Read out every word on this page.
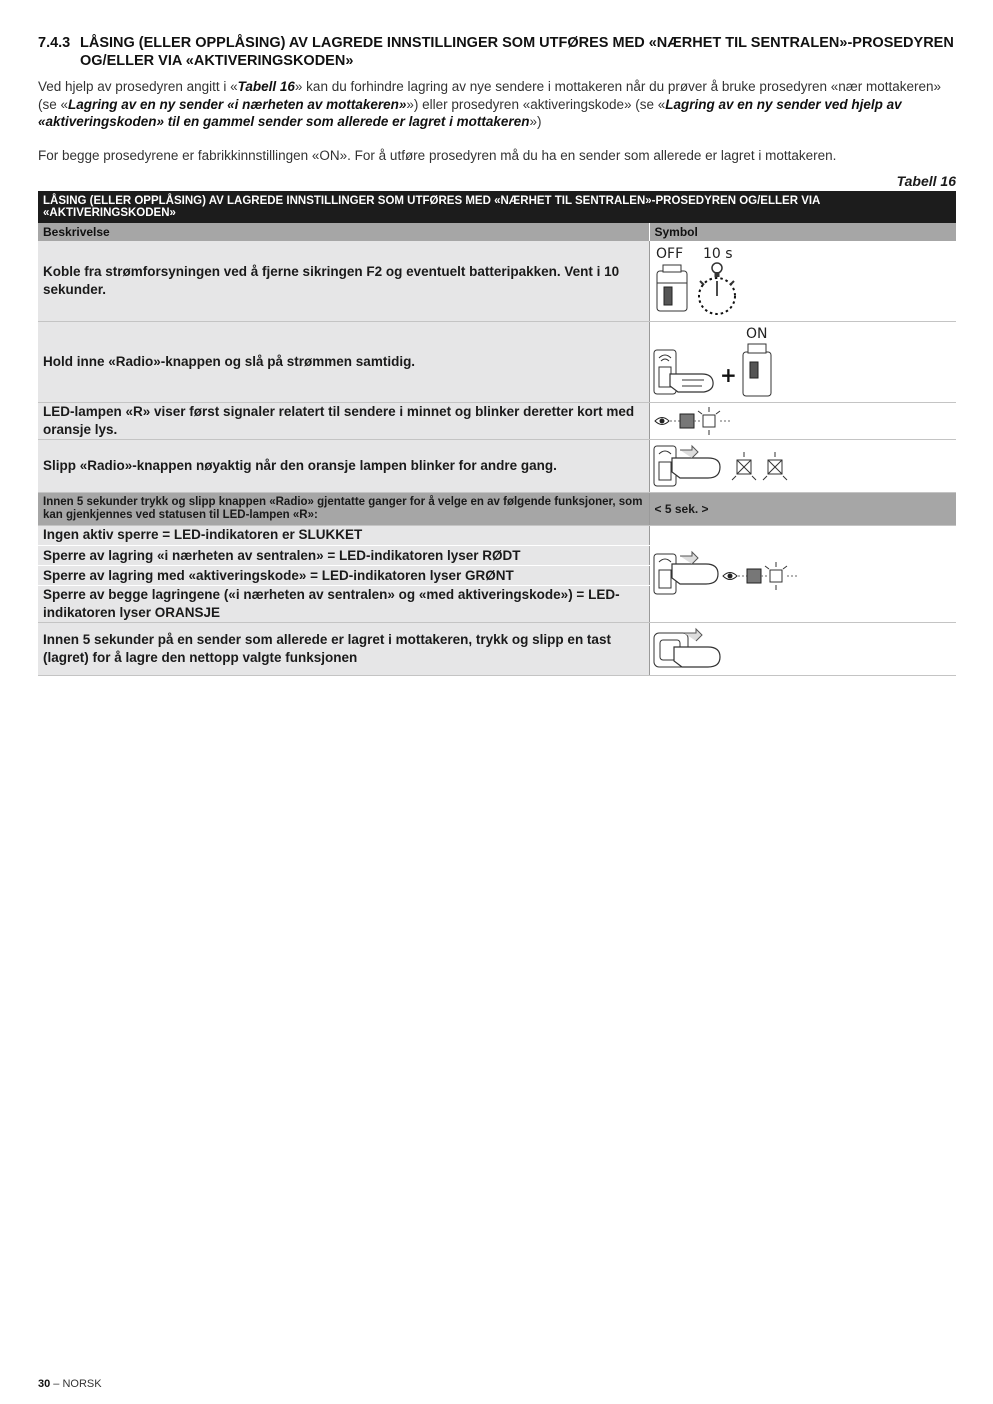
7.4.3 LÅSING (ELLER OPPLÅSING) AV LAGREDE INNSTILLINGER SOM UTFØRES MED «NÆRHET TIL SENTRALEN»-PROSEDYREN OG/ELLER VIA «AKTIVERINGSKODEN»
Ved hjelp av prosedyren angitt i «Tabell 16» kan du forhindre lagring av nye sendere i mottakeren når du prøver å bruke prosedyren «nær mottakeren» (se «Lagring av en ny sender «i nærheten av mottakeren»») eller prosedyren «aktiveringskode» (se «Lagring av en ny sender ved hjelp av «aktiveringskoden» til en gammel sender som allerede er lagret i mottakeren»)
For begge prosedyrene er fabrikkinnstillingen «ON». For å utføre prosedyren må du ha en sender som allerede er lagret i mottakeren.
Tabell 16
LÅSING (ELLER OPPLÅSING) AV LAGREDE INNSTILLINGER SOM UTFØRES MED «NÆRHET TIL SENTRALEN»-PROSEDYREN OG/ELLER VIA «AKTIVERINGSKODEN»	
Beskrivelse	Symbol
Koble fra strømforsyningen ved å fjerne sikringen F2 og eventuelt batteripakken. Vent i 10 sekunder.	OFF 10 s

Hold inne «Radio»-knappen og slå på strømmen samtidig.	+
ON

LED-lampen «R» viser først signaler relatert til sendere i minnet og blinker deretter kort med oransje lys.	

Slipp «Radio»-knappen nøyaktig når den oransje lampen blinker for andre gang.	

Innen 5 sekunder trykk og slipp knappen «Radio» gjentatte ganger for å velge en av følgende funksjoner, som kan gjenkjennes ved statusen til LED-lampen «R»:	< 5 sek. >
Ingen aktiv sperre = LED-indikatoren er SLUKKET	

Sperre av lagring «i nærheten av sentralen» = LED-indikatoren lyser RØDT	
Sperre av lagring med «aktiveringskode» = LED-indikatoren lyser GRØNT	
Sperre av begge lagringene («i nærheten av sentralen» og «med aktiveringskode») = LED-indikatoren lyser ORANSJE	
Innen 5 sekunder på en sender som allerede er lagret i mottakeren, trykk og slipp en tast (lagret) for å lagre den nettopp valgte funksjonen	
30 – NORSK
